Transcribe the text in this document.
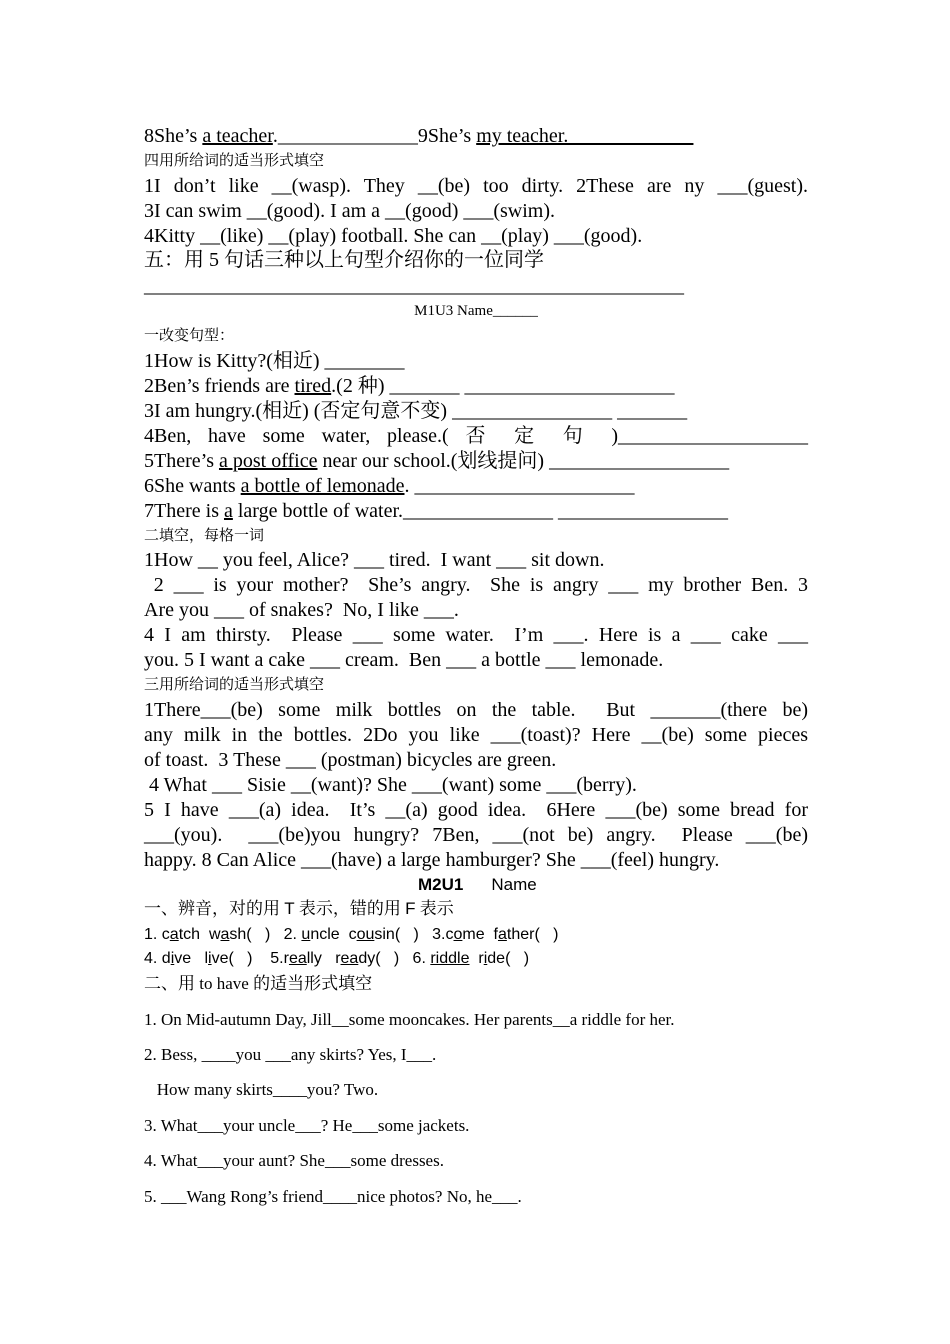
8She’s a teacher.______________9She’s my teacher. ____________
四用所给词的适当形式填空
1I don’t like __(wasp). They __(be) too dirty. 2These are ny ___(guest).
3I can swim __(good). I am a __(good) ___(swim).
4Kitty __(like) __(play) football. She can __(play) ___(good).
五：用 5 句话三种以上句型介绍你的一位同学
______________________________________________________
M1U3 Name______
一改变句型：
1How is Kitty?(相近) ________
2Ben’s friends are tired.(2 种) _______ _____________________
3I am hungry.(相近) (否定句意不变) ________________ _______
4Ben, have some water, please.( 否 定 句 )___________________
5There’s a post office near our school.(划线提问) __________________
6She wants a bottle of lemonade. ______________________
7There is a large bottle of water._______________ _________________
二填空，每格一词
1How __ you feel, Alice? ___ tired.  I want ___ sit down.
2 ___ is your mother?  She’s angry.  She is angry ___ my brother Ben. 3
Are you ___ of snakes?  No, I like ___.
4 I am thirsty.  Please ___ some water.  I’m ___. Here is a ___ cake ___
you. 5 I want a cake ___ cream.  Ben ___ a bottle ___ lemonade.
三用所给词的适当形式填空
1There___(be) some milk bottles on the table.  But _______(there be)
any milk in the bottles. 2Do you like ___(toast)? Here __(be) some pieces
of toast.  3 These ___ (postman) bicycles are green.
4 What ___ Sisie __(want)? She ___(want) some ___(berry).
5 I have ___(a) idea.  It’s __(a) good idea.  6Here ___(be) some bread for
___(you).  ___(be)you hungry? 7Ben, ___(not be) angry.  Please ___(be)
happy. 8 Can Alice ___(have) a large hamburger? She ___(feel) hungry.
M2U1 Name
一、辨音，对的用 T 表示，错的用 F 表示
1. catch  wash(   )   2. uncle  cousin(   )   3.come  father(   )
4. dive   live(   )    5.really   ready(   )   6. riddle  ride(   )
二、用 to have 的适当形式填空
1. On Mid-autumn Day, Jill__some mooncakes. Her parents__a riddle for her.
2. Bess, ____you ___any skirts? Yes, I___.
How many skirts____you? Two.
3. What___your uncle___? He___some jackets.
4. What___your aunt? She___some dresses.
5. ___Wang Rong’s friend____nice photos? No, he___.
